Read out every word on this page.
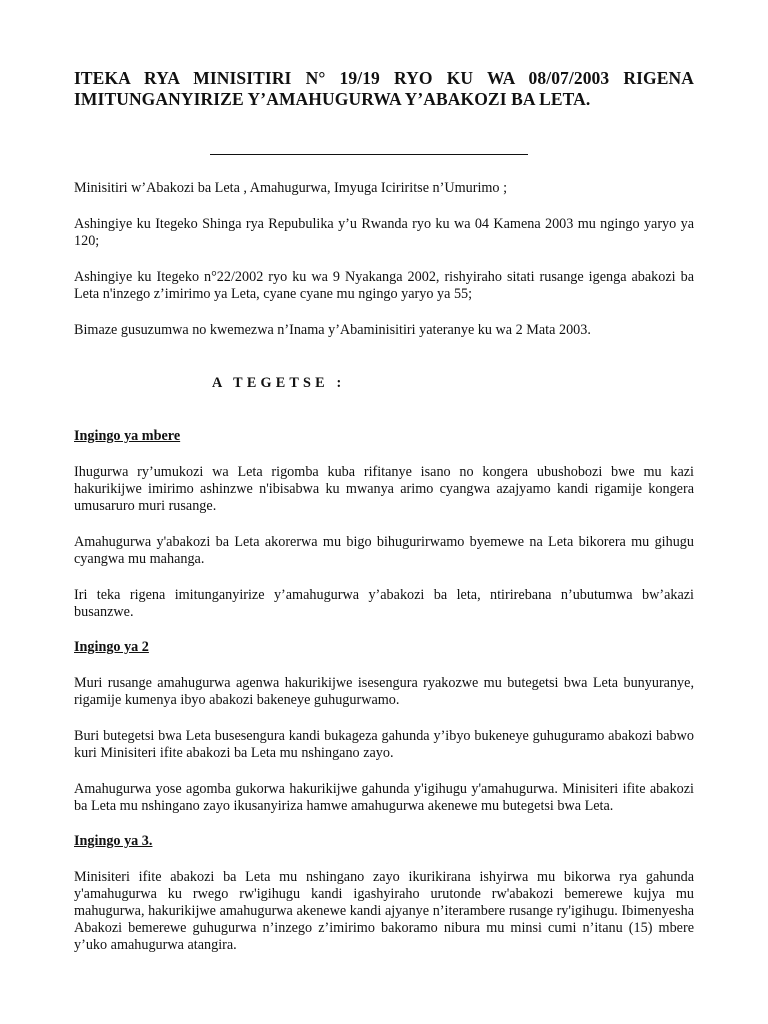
ITEKA RYA MINISITIRI N° 19/19 RYO KU WA 08/07/2003 RIGENA IMITUNGANYIRIZE Y’AMAHUGURWA Y’ABAKOZI BA LETA.

Minisitiri w’Abakozi ba Leta , Amahugurwa, Imyuga Iciriritse n’Umurimo ;

Ashingiye ku Itegeko Shinga rya Repubulika y’u Rwanda ryo ku wa 04 Kamena 2003 mu ngingo yaryo ya 120;

Ashingiye ku Itegeko n°22/2002 ryo ku wa 9 Nyakanga 2002, rishyiraho sitati rusange igenga abakozi ba Leta n'inzego z’imirimo ya Leta, cyane cyane mu ngingo yaryo ya 55;

Bimaze gusuzumwa no kwemezwa n’Inama y’Abaminisitiri yateranye ku wa 2 Mata 2003.

A TEGETSE :
Ingingo ya mbere

Ihugurwa ry’umukozi wa Leta rigomba kuba rifitanye isano no kongera ubushobozi bwe mu kazi hakurikijwe imirimo ashinzwe n'ibisabwa ku mwanya arimo cyangwa azajyamo kandi rigamije kongera umusaruro muri rusange.

Amahugurwa y'abakozi ba Leta akorerwa mu bigo bihugurirwamo byemewe na Leta bikorera mu gihugu cyangwa mu mahanga.

Iri teka rigena imitunganyirize y’amahugurwa y’abakozi ba leta, ntirirebana n’ubutumwa bw’akazi busanzwe.

Ingingo ya 2

Muri rusange amahugurwa agenwa hakurikijwe isesengura ryakozwe mu butegetsi bwa Leta bunyuranye, rigamije kumenya ibyo abakozi bakeneye guhugurwamo.

Buri butegetsi bwa Leta busesengura kandi bukageza gahunda y’ibyo bukeneye guhuguramo abakozi babwo kuri Minisiteri ifite abakozi ba Leta mu nshingano zayo.

Amahugurwa yose agomba gukorwa hakurikijwe gahunda y'igihugu y'amahugurwa. Minisiteri ifite abakozi ba Leta mu nshingano zayo ikusanyiriza hamwe amahugurwa akenewe mu butegetsi bwa Leta.

Ingingo ya 3.

Minisiteri ifite abakozi ba Leta mu nshingano zayo ikurikirana ishyirwa mu bikorwa rya gahunda y'amahugurwa ku rwego rw'igihugu kandi igashyiraho urutonde rw'abakozi bemerewe kujya mu mahugurwa, hakurikijwe amahugurwa akenewe kandi ajyanye n’iterambere rusange ry'igihugu. Ibimenyesha Abakozi bemerewe guhugurwa n’inzego z’imirimo bakoramo nibura mu minsi cumi n’itanu (15) mbere y’uko amahugurwa atangira.
